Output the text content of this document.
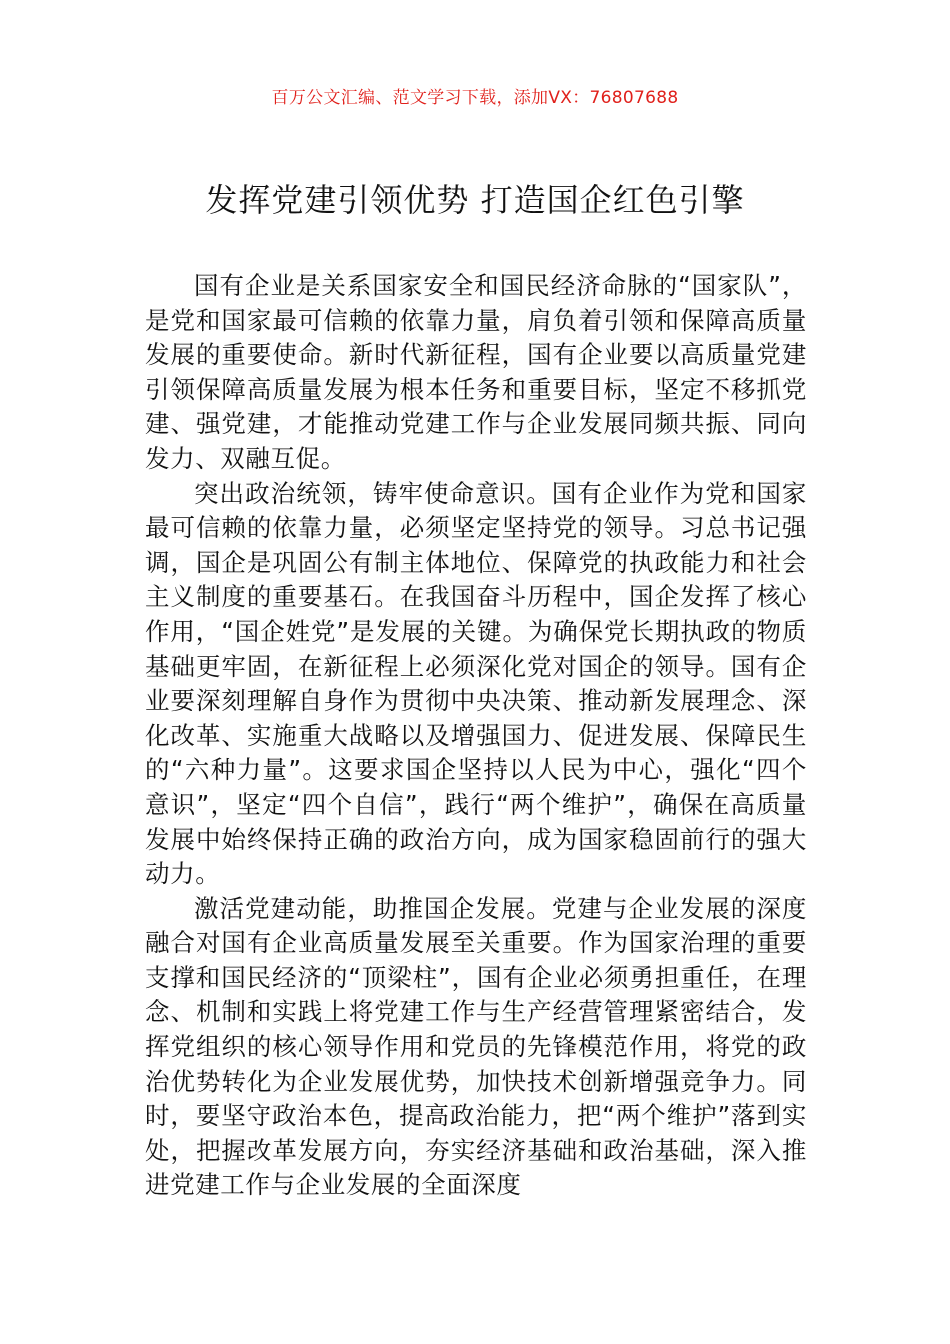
百万公文汇编、范文学习下载，添加VX：76807688
发挥党建引领优势 打造国企红色引擎

国有企业是关系国家安全和国民经济命脉的“国家队”，是党和国家最可信赖的依靠力量，肩负着引领和保障高质量发展的重要使命。新时代新征程，国有企业要以高质量党建引领保障高质量发展为根本任务和重要目标，坚定不移抓党建、强党建，才能推动党建工作与企业发展同频共振、同向发力、双融互促。

突出政治统领，铸牢使命意识。国有企业作为党和国家最可信赖的依靠力量，必须坚定坚持党的领导。习总书记强调，国企是巩固公有制主体地位、保障党的执政能力和社会主义制度的重要基石。在我国奋斗历程中，国企发挥了核心作用，“国企姓党”是发展的关键。为确保党长期执政的物质基础更牢固，在新征程上必须深化党对国企的领导。国有企业要深刻理解自身作为贯彻中央决策、推动新发展理念、深化改革、实施重大战略以及增强国力、促进发展、保障民生的“六种力量”。这要求国企坚持以人民为中心，强化“四个意识”，坚定“四个自信”，践行“两个维护”，确保在高质量发展中始终保持正确的政治方向，成为国家稳固前行的强大动力。

激活党建动能，助推国企发展。党建与企业发展的深度融合对国有企业高质量发展至关重要。作为国家治理的重要支撑和国民经济的“顶梁柱”，国有企业必须勇担重任，在理念、机制和实践上将党建工作与生产经营管理紧密结合，发挥党组织的核心领导作用和党员的先锋模范作用，将党的政治优势转化为企业发展优势，加快技术创新增强竞争力。同时，要坚守政治本色，提高政治能力，把“两个维护”落到实处，把握改革发展方向，夯实经济基础和政治基础，深入推进党建工作与企业发展的全面深度
